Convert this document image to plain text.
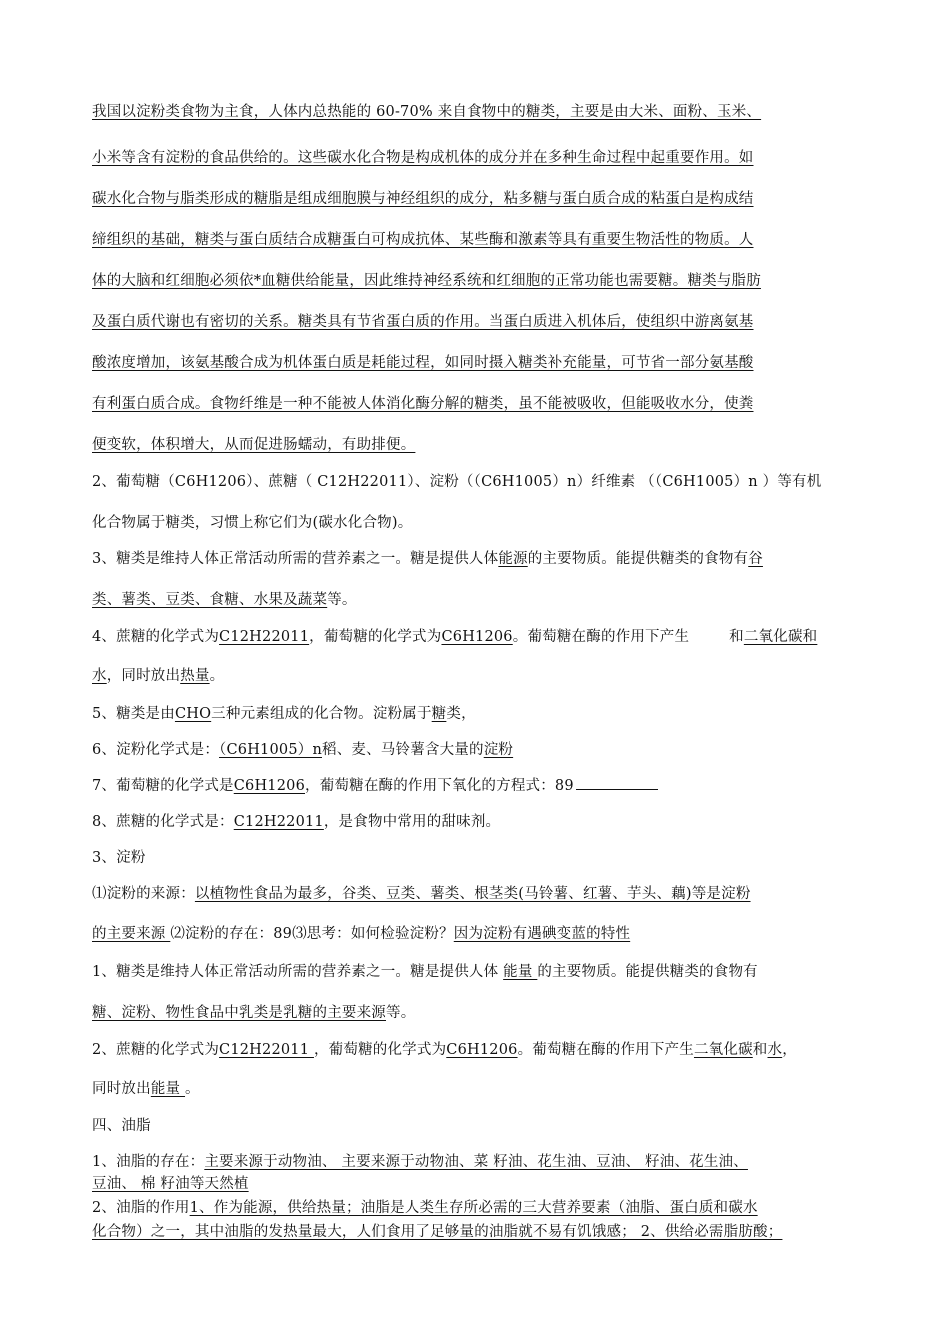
我国以淀粉类食物为主食，人体内总热能的 60-70% 来自食物中的糖类，主要是由大米、面粉、玉米、
小米等含有淀粉的食品供给的。这些碳水化合物是构成机体的成分并在多种生命过程中起重要作用。如
碳水化合物与脂类形成的糖脂是组成细胞膜与神经组织的成分，粘多糖与蛋白质合成的粘蛋白是构成结
缔组织的基础，糖类与蛋白质结合成糖蛋白可构成抗体、某些酶和激素等具有重要生物活性的物质。人
体的大脑和红细胞必须依*血糖供给能量，因此维持神经系统和红细胞的正常功能也需要糖。糖类与脂肪
及蛋白质代谢也有密切的关系。糖类具有节省蛋白质的作用。当蛋白质进入机体后，使组织中游离氨基
酸浓度增加，该氨基酸合成为机体蛋白质是耗能过程，如同时摄入糖类补充能量，可节省一部分氨基酸
有利蛋白质合成。食物纤维是一种不能被人体消化酶分解的糖类，虽不能被吸收，但能吸收水分，使粪
便变软，体积增大，从而促进肠蠕动，有助排便。
2、葡萄糖（C6H1206）、蔗糖（ C12H22011）、淀粉（（C6H1005）n）纤维素 （（C6H1005）n ）等有机
化合物属于糖类，习惯上称它们为(碳水化合物)。
3、糖类是维持人体正常活动所需的营养素之一。糖是提供人体能源的主要物质。能提供糖类的食物有谷
类、薯类、豆类、食糖、水果及蔬菜等。
4、蔗糖的化学式为C12H22011，葡萄糖的化学式为C6H1206。葡萄糖在酶的作用下产生	和二氧化碳和
水，同时放出热量。
5、糖类是由CHO三种元素组成的化合物。淀粉属于糖类，
6、淀粉化学式是：（C6H1005）n稻、麦、马铃薯含大量的淀粉
7、葡萄糖的化学式是C6H1206，葡萄糖在酶的作用下氧化的方程式：89
8、蔗糖的化学式是：C12H22011，是食物中常用的甜味剂。
3、淀粉
⑴淀粉的来源：以植物性食品为最多，谷类、豆类、薯类、根茎类(马铃薯、红薯、芋头、藕)等是淀粉
的主要来源 ⑵淀粉的存在：89⑶思考：如何检验淀粉？因为淀粉有遇碘变蓝的特性
1、糖类是维持人体正常活动所需的营养素之一。糖是提供人体 能量 的主要物质。能提供糖类的食物有
糖、淀粉、物性食品中乳类是乳糖的主要来源等。
2、蔗糖的化学式为C12H22011 ，葡萄糖的化学式为C6H1206。葡萄糖在酶的作用下产生二氧化碳和水，
同时放出能量 。
四、油脂
1、油脂的存在：主要来源于动物油、 主要来源于动物油、菜 籽油、花生油、豆油、 籽油、花生油、
豆油、 棉 籽油等天然植
2、油脂的作用1、作为能源，供给热量；油脂是人类生存所必需的三大营养要素（油脂、蛋白质和碳水
化合物）之一，其中油脂的发热量最大，人们食用了足够量的油脂就不易有饥饿感； 2、供给必需脂肪酸；
